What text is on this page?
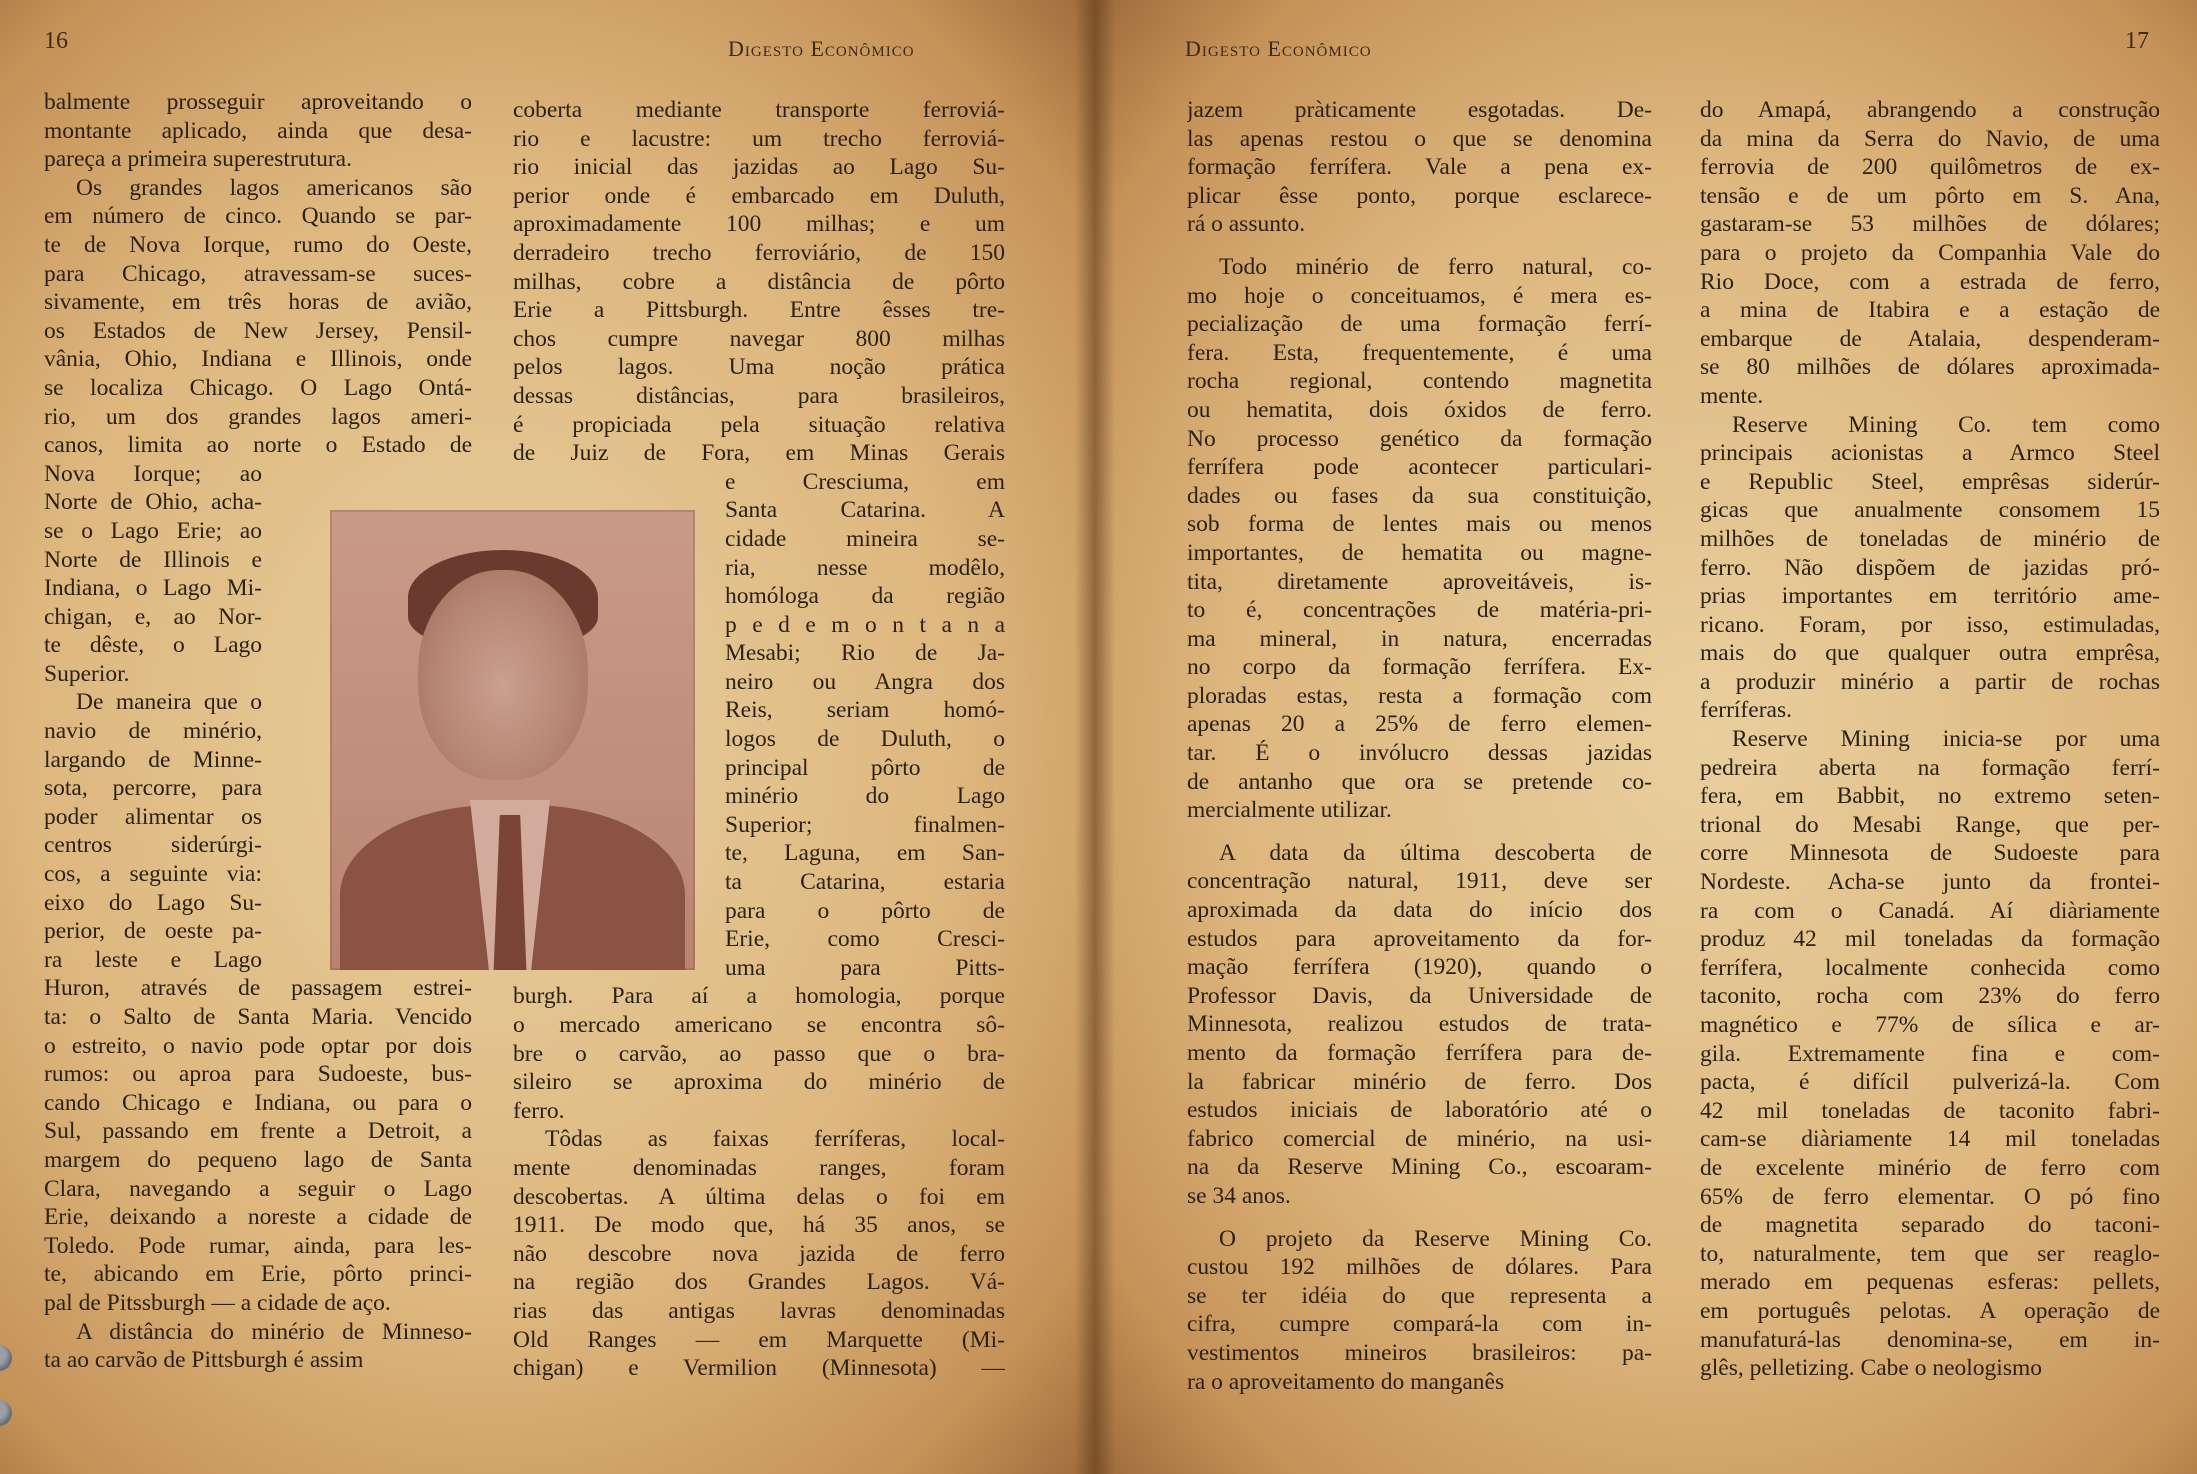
16	Digesto Econômico
balmente prosseguir aproveitando o
montante aplicado, ainda que desa-
pareça a primeira superestrutura.
Os grandes lagos americanos são
em número de cinco. Quando se par-
te de Nova Iorque, rumo do Oeste,
para Chicago, atravessam-se suces-
sivamente, em três horas de avião,
os Estados de New Jersey, Pensil-
vânia, Ohio, Indiana e Illinois, onde
se localiza Chicago. O Lago Ontá-
rio, um dos grandes lagos ameri-
canos, limita ao norte o Estado de
Nova Iorque; ao
Norte de Ohio, acha-
se o Lago Erie; ao
Norte de Illinois e
Indiana, o Lago Mi-
chigan, e, ao Nor-
te dêste, o Lago
Superior.
De maneira que o
navio de minério,
largando de Minne-
sota, percorre, para
poder alimentar os
centros siderúrgi-
cos, a seguinte via:
eixo do Lago Su-
perior, de oeste pa-
ra leste e Lago
Huron, através de passagem estrei-
ta: o Salto de Santa Maria. Vencido
o estreito, o navio pode optar por dois
rumos: ou aproa para Sudoeste, bus-
cando Chicago e Indiana, ou para o
Sul, passando em frente a Detroit, a
margem do pequeno lago de Santa
Clara, navegando a seguir o Lago
Erie, deixando a noreste a cidade de
Toledo. Pode rumar, ainda, para les-
te, abicando em Erie, pôrto princi-
pal de Pitssburgh — a cidade de aço.
A distância do minério de Minneso-
ta ao carvão de Pittsburgh é assim
coberta mediante transporte ferroviá-
rio e lacustre: um trecho ferroviá-
rio inicial das jazidas ao Lago Su-
perior onde é embarcado em Duluth,
aproximadamente 100 milhas; e um
derradeiro trecho ferroviário, de 150
milhas, cobre a distância de pôrto
Erie a Pittsburgh. Entre êsses tre-
chos cumpre navegar 800 milhas
pelos lagos. Uma noção prática
dessas distâncias, para brasileiros,
é propiciada pela situação relativa
de Juiz de Fora, em Minas Gerais
e Cresciuma, em
Santa Catarina. A
cidade mineira se-
ria, nesse modêlo,
homóloga da região
p e d e m o n t a n a
Mesabi; Rio de Ja-
neiro ou Angra dos
Reis, seriam homó-
logos de Duluth, o
principal pôrto de
minério do Lago
Superior; finalmen-
te, Laguna, em San-
ta Catarina, estaria
para o pôrto de
Erie, como Cresci-
uma para Pitts-
burgh. Para aí a homologia, porque
o mercado americano se encontra sô-
bre o carvão, ao passo que o bra-
sileiro se aproxima do minério de
ferro.
Tôdas as faixas ferríferas, local-
mente denominadas ranges, foram
descobertas. A última delas o foi em
1911. De modo que, há 35 anos, se
não descobre nova jazida de ferro
na região dos Grandes Lagos. Vá-
rias das antigas lavras denominadas
Old Ranges — em Marquette (Mi-
chigan) e Vermilion (Minnesota) —
Digesto Econômico	17
jazem pràticamente esgotadas. De-
las apenas restou o que se denomina
formação ferrífera. Vale a pena ex-
plicar êsse ponto, porque esclarece-
rá o assunto.
Todo minério de ferro natural, co-
mo hoje o conceituamos, é mera es-
pecialização de uma formação ferrí-
fera. Esta, frequentemente, é uma
rocha regional, contendo magnetita
ou hematita, dois óxidos de ferro.
No processo genético da formação
ferrífera pode acontecer particulari-
dades ou fases da sua constituição,
sob forma de lentes mais ou menos
importantes, de hematita ou magne-
tita, diretamente aproveitáveis, is-
to é, concentrações de matéria-pri-
ma mineral, in natura, encerradas
no corpo da formação ferrífera. Ex-
ploradas estas, resta a formação com
apenas 20 a 25% de ferro elemen-
tar. É o invólucro dessas jazidas
de antanho que ora se pretende co-
mercialmente utilizar.
A data da última descoberta de
concentração natural, 1911, deve ser
aproximada da data do início dos
estudos para aproveitamento da for-
mação ferrífera (1920), quando o
Professor Davis, da Universidade de
Minnesota, realizou estudos de trata-
mento da formação ferrífera para de-
la fabricar minério de ferro. Dos
estudos iniciais de laboratório até o
fabrico comercial de minério, na usi-
na da Reserve Mining Co., escoaram-
se 34 anos.
O projeto da Reserve Mining Co.
custou 192 milhões de dólares. Para
se ter idéia do que representa a
cifra, cumpre compará-la com in-
vestimentos mineiros brasileiros: pa-
ra o aproveitamento do manganês
do Amapá, abrangendo a construção
da mina da Serra do Navio, de uma
ferrovia de 200 quilômetros de ex-
tensão e de um pôrto em S. Ana,
gastaram-se 53 milhões de dólares;
para o projeto da Companhia Vale do
Rio Doce, com a estrada de ferro,
a mina de Itabira e a estação de
embarque de Atalaia, despenderam-
se 80 milhões de dólares aproximada-
mente.
Reserve Mining Co. tem como
principais acionistas a Armco Steel
e Republic Steel, emprêsas siderúr-
gicas que anualmente consomem 15
milhões de toneladas de minério de
ferro. Não dispõem de jazidas pró-
prias importantes em território ame-
ricano. Foram, por isso, estimuladas,
mais do que qualquer outra emprêsa,
a produzir minério a partir de rochas
ferríferas.
Reserve Mining inicia-se por uma
pedreira aberta na formação ferrí-
fera, em Babbit, no extremo seten-
trional do Mesabi Range, que per-
corre Minnesota de Sudoeste para
Nordeste. Acha-se junto da frontei-
ra com o Canadá. Aí diàriamente
produz 42 mil toneladas da formação
ferrífera, localmente conhecida como
taconito, rocha com 23% do ferro
magnético e 77% de sílica e ar-
gila. Extremamente fina e com-
pacta, é difícil pulverizá-la. Com
42 mil toneladas de taconito fabri-
cam-se diàriamente 14 mil toneladas
de excelente minério de ferro com
65% de ferro elementar. O pó fino
de magnetita separado do taconi-
to, naturalmente, tem que ser reaglo-
merado em pequenas esferas: pellets,
em português pelotas. A operação de
manufaturá-las denomina-se, em in-
glês, pelletizing. Cabe o neologismo
